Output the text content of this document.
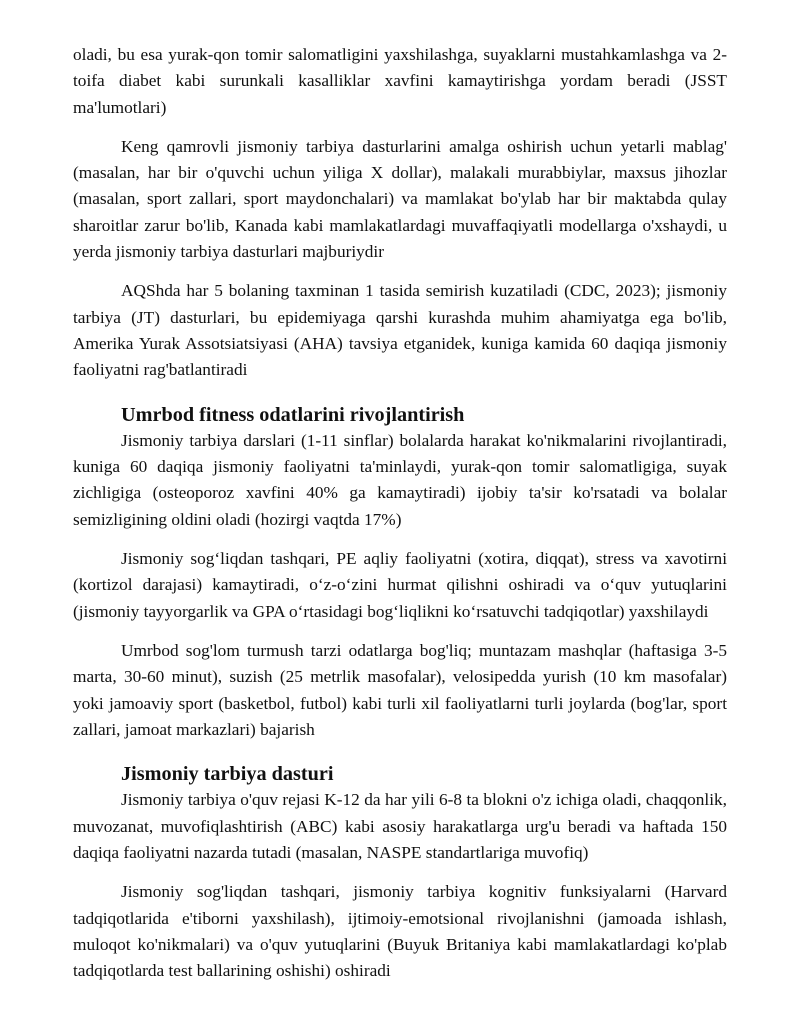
oladi, bu esa yurak-qon tomir salomatligini yaxshilashga, suyaklarni mustahkamlashga va 2-toifa diabet kabi surunkali kasalliklar xavfini kamaytirishga yordam beradi (JSST ma'lumotlari)

Keng qamrovli jismoniy tarbiya dasturlarini amalga oshirish uchun yetarli mablag' (masalan, har bir o'quvchi uchun yiliga X dollar), malakali murabbiylar, maxsus jihozlar (masalan, sport zallari, sport maydonchalari) va mamlakat bo'ylab har bir maktabda qulay sharoitlar zarur bo'lib, Kanada kabi mamlakatlardagi muvaffaqiyatli modellarga o'xshaydi, u yerda jismoniy tarbiya dasturlari majburiydir

AQShda har 5 bolaning taxminan 1 tasida semirish kuzatiladi (CDC, 2023); jismoniy tarbiya (JT) dasturlari, bu epidemiyaga qarshi kurashda muhim ahamiyatga ega bo'lib, Amerika Yurak Assotsiatsiyasi (AHA) tavsiya etganidek, kuniga kamida 60 daqiqa jismoniy faoliyatni rag'batlantiradi

Umrbod fitness odatlarini rivojlantirish

Jismoniy tarbiya darslari (1-11 sinflar) bolalarda harakat ko'nikmalarini rivojlantiradi, kuniga 60 daqiqa jismoniy faoliyatni ta'minlaydi, yurak-qon tomir salomatligiga, suyak zichligiga (osteoporoz xavfini 40% ga kamaytiradi) ijobiy ta'sir ko'rsatadi va bolalar semizligining oldini oladi (hozirgi vaqtda 17%)

Jismoniy sog‘liqdan tashqari, PE aqliy faoliyatni (xotira, diqqat), stress va xavotirni (kortizol darajasi) kamaytiradi, o‘z-o‘zini hurmat qilishni oshiradi va o‘quv yutuqlarini (jismoniy tayyorgarlik va GPA o‘rtasidagi bog‘liqlikni ko‘rsatuvchi tadqiqotlar) yaxshilaydi

Umrbod sog'lom turmush tarzi odatlarga bog'liq; muntazam mashqlar (haftasiga 3-5 marta, 30-60 minut), suzish (25 metrlik masofalar), velosipedda yurish (10 km masofalar) yoki jamoaviy sport (basketbol, futbol) kabi turli xil faoliyatlarni turli joylarda (bog'lar, sport zallari, jamoat markazlari) bajarish

Jismoniy tarbiya dasturi

Jismoniy tarbiya o'quv rejasi K-12 da har yili 6-8 ta blokni o'z ichiga oladi, chaqqonlik, muvozanat, muvofiqlashtirish (ABC) kabi asosiy harakatlarga urg'u beradi va haftada 150 daqiqa faoliyatni nazarda tutadi (masalan, NASPE standartlariga muvofiq)

Jismoniy sog'liqdan tashqari, jismoniy tarbiya kognitiv funksiyalarni (Harvard tadqiqotlarida e'tiborni yaxshilash), ijtimoiy-emotsional rivojlanishni (jamoada ishlash, muloqot ko'nikmalari) va o'quv yutuqlarini (Buyuk Britaniya kabi mamlakatlardagi ko'plab tadqiqotlarda test ballarining oshishi) oshiradi
